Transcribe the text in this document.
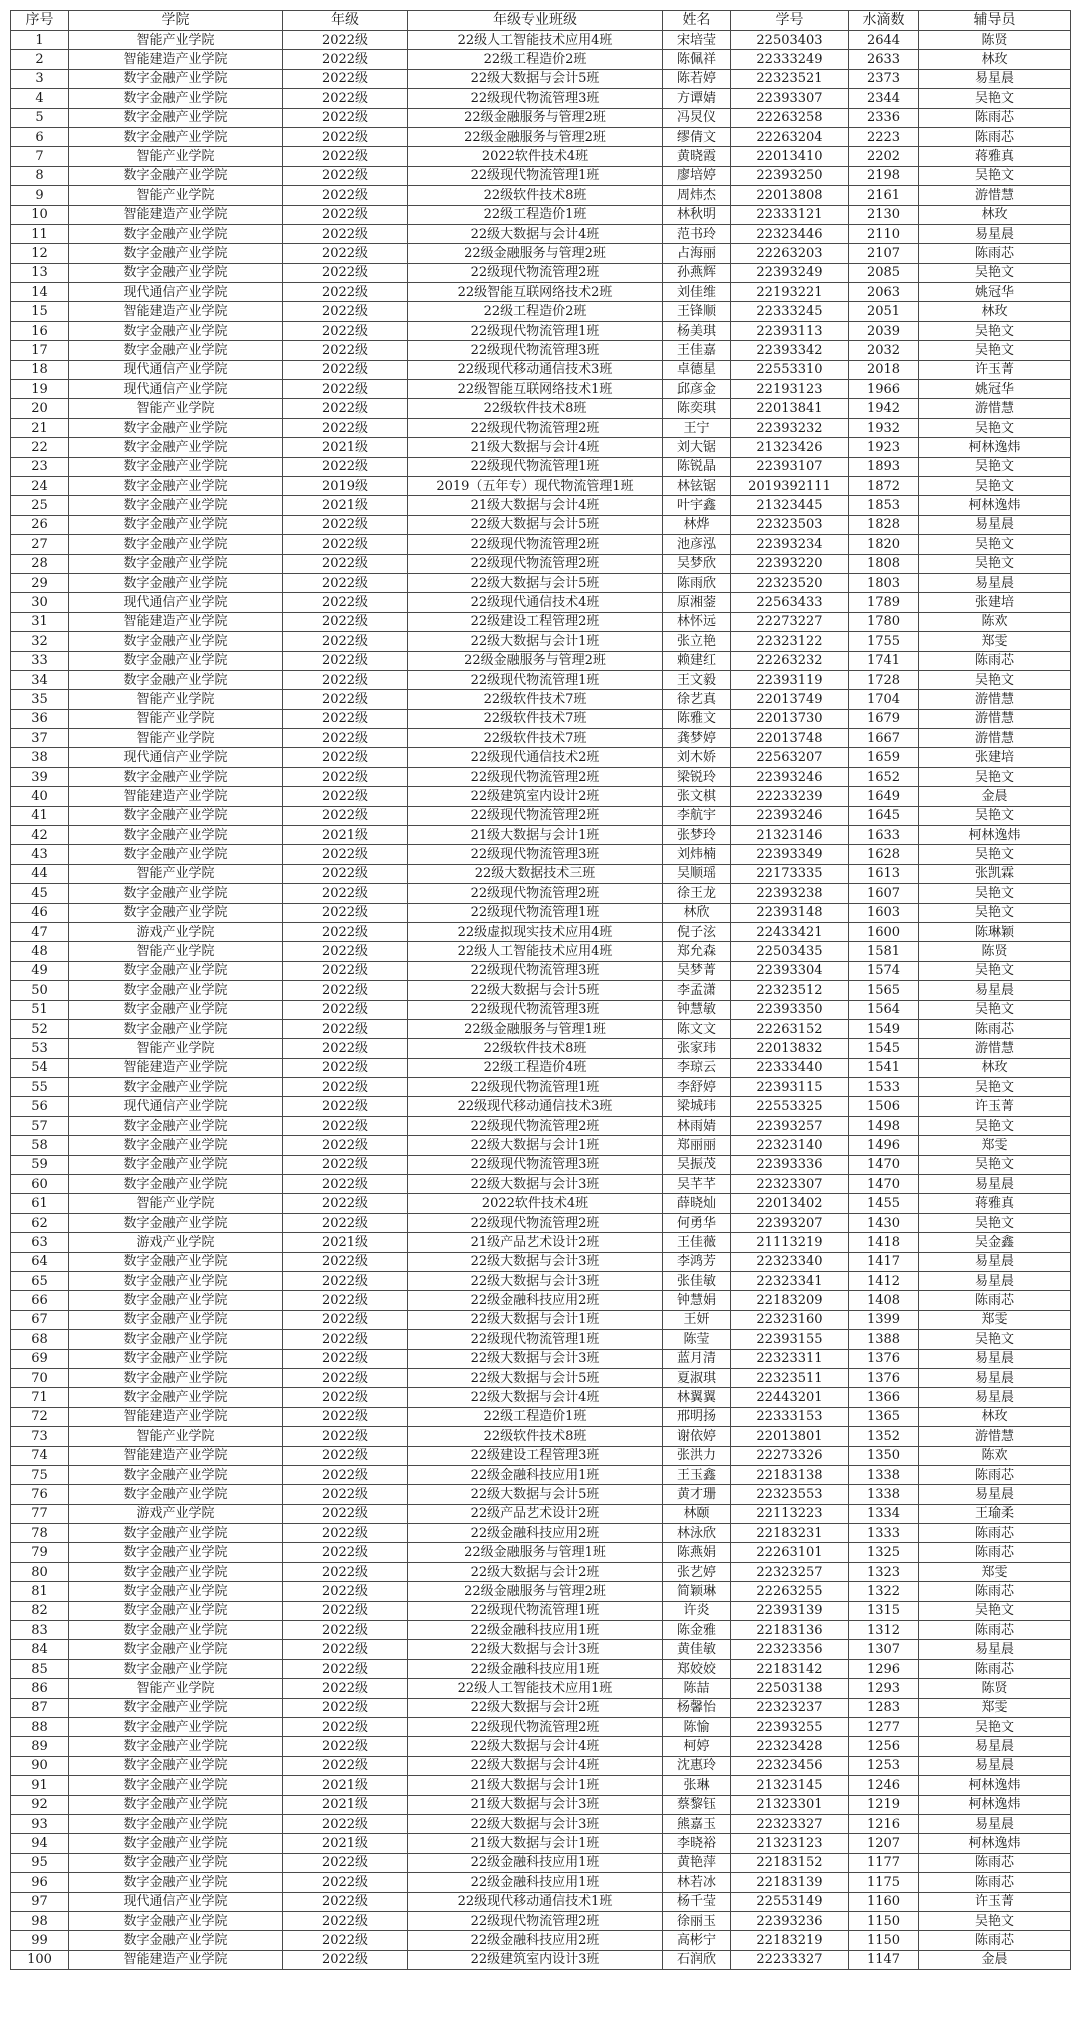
序号	学院	年级	年级专业班级	姓名	学号	水滴数	辅导员
1	智能产业学院	2022级	22级人工智能技术应用4班	宋培莹	22503403	2644	陈贤
2	智能建造产业学院	2022级	22级工程造价2班	陈佩祥	22333249	2633	林玫
3	数字金融产业学院	2022级	22级大数据与会计5班	陈若婷	22323521	2373	易星晨
4	数字金融产业学院	2022级	22级现代物流管理3班	方谭婧	22393307	2344	吴艳文
5	数字金融产业学院	2022级	22级金融服务与管理2班	冯炅仪	22263258	2336	陈雨芯
6	数字金融产业学院	2022级	22级金融服务与管理2班	缪倩文	22263204	2223	陈雨芯
7	智能产业学院	2022级	2022软件技术4班	黄晓霞	22013410	2202	蒋雅真
8	数字金融产业学院	2022级	22级现代物流管理1班	廖培婷	22393250	2198	吴艳文
9	智能产业学院	2022级	22级软件技术8班	周炜杰	22013808	2161	游惜慧
10	智能建造产业学院	2022级	22级工程造价1班	林秋明	22333121	2130	林玫
11	数字金融产业学院	2022级	22级大数据与会计4班	范书玲	22323446	2110	易星晨
12	数字金融产业学院	2022级	22级金融服务与管理2班	占海丽	22263203	2107	陈雨芯
13	数字金融产业学院	2022级	22级现代物流管理2班	孙燕辉	22393249	2085	吴艳文
14	现代通信产业学院	2022级	22级智能互联网络技术2班	刘佳维	22193221	2063	姚冠华
15	智能建造产业学院	2022级	22级工程造价2班	王锋顺	22333245	2051	林玫
16	数字金融产业学院	2022级	22级现代物流管理1班	杨美琪	22393113	2039	吴艳文
17	数字金融产业学院	2022级	22级现代物流管理3班	王佳嘉	22393342	2032	吴艳文
18	现代通信产业学院	2022级	22级现代移动通信技术3班	卓德星	22553310	2018	许玉菁
19	现代通信产业学院	2022级	22级智能互联网络技术1班	邱彦金	22193123	1966	姚冠华
20	智能产业学院	2022级	22级软件技术8班	陈奕琪	22013841	1942	游惜慧
21	数字金融产业学院	2022级	22级现代物流管理2班	王宁	22393232	1932	吴艳文
22	数字金融产业学院	2021级	21级大数据与会计4班	刘大锯	21323426	1923	柯林逸炜
23	数字金融产业学院	2022级	22级现代物流管理1班	陈锐晶	22393107	1893	吴艳文
24	数字金融产业学院	2019级	2019（五年专）现代物流管理1班	林铉锯	2019392111	1872	吴艳文
25	数字金融产业学院	2021级	21级大数据与会计4班	叶宇鑫	21323445	1853	柯林逸炜
26	数字金融产业学院	2022级	22级大数据与会计5班	林烨	22323503	1828	易星晨
27	数字金融产业学院	2022级	22级现代物流管理2班	池彦泓	22393234	1820	吴艳文
28	数字金融产业学院	2022级	22级现代物流管理2班	吴梦欣	22393220	1808	吴艳文
29	数字金融产业学院	2022级	22级大数据与会计5班	陈雨欣	22323520	1803	易星晨
30	现代通信产业学院	2022级	22级现代通信技术4班	原湘蓥	22563433	1789	张建培
31	智能建造产业学院	2022级	22级建设工程管理2班	林怀远	22273227	1780	陈欢
32	数字金融产业学院	2022级	22级大数据与会计1班	张立艳	22323122	1755	郑雯
33	数字金融产业学院	2022级	22级金融服务与管理2班	赖建红	22263232	1741	陈雨芯
34	数字金融产业学院	2022级	22级现代物流管理1班	王文毅	22393119	1728	吴艳文
35	智能产业学院	2022级	22级软件技术7班	徐艺真	22013749	1704	游惜慧
36	智能产业学院	2022级	22级软件技术7班	陈雅文	22013730	1679	游惜慧
37	智能产业学院	2022级	22级软件技术7班	龚梦婷	22013748	1667	游惜慧
38	现代通信产业学院	2022级	22级现代通信技术2班	刘木娇	22563207	1659	张建培
39	数字金融产业学院	2022级	22级现代物流管理2班	梁锐玲	22393246	1652	吴艳文
40	智能建造产业学院	2022级	22级建筑室内设计2班	张文棋	22233239	1649	金晨
41	数字金融产业学院	2022级	22级现代物流管理2班	李航宇	22393246	1645	吴艳文
42	数字金融产业学院	2021级	21级大数据与会计1班	张梦玲	21323146	1633	柯林逸炜
43	数字金融产业学院	2022级	22级现代物流管理3班	刘炜楠	22393349	1628	吴艳文
44	智能产业学院	2022级	22级大数据技术三班	吴顺瑶	22173335	1613	张凯霖
45	数字金融产业学院	2022级	22级现代物流管理2班	徐王龙	22393238	1607	吴艳文
46	数字金融产业学院	2022级	22级现代物流管理1班	林欣	22393148	1603	吴艳文
47	游戏产业学院	2022级	22级虚拟现实技术应用4班	倪子泫	22433421	1600	陈琳颖
48	智能产业学院	2022级	22级人工智能技术应用4班	郑允森	22503435	1581	陈贤
49	数字金融产业学院	2022级	22级现代物流管理3班	吴梦菁	22393304	1574	吴艳文
50	数字金融产业学院	2022级	22级大数据与会计5班	李孟潇	22323512	1565	易星晨
51	数字金融产业学院	2022级	22级现代物流管理3班	钟慧敏	22393350	1564	吴艳文
52	数字金融产业学院	2022级	22级金融服务与管理1班	陈文文	22263152	1549	陈雨芯
53	智能产业学院	2022级	22级软件技术8班	张家玮	22013832	1545	游惜慧
54	智能建造产业学院	2022级	22级工程造价4班	李琼云	22333440	1541	林玫
55	数字金融产业学院	2022级	22级现代物流管理1班	李舒婷	22393115	1533	吴艳文
56	现代通信产业学院	2022级	22级现代移动通信技术3班	梁城玮	22553325	1506	许玉菁
57	数字金融产业学院	2022级	22级现代物流管理2班	林雨婧	22393257	1498	吴艳文
58	数字金融产业学院	2022级	22级大数据与会计1班	郑丽丽	22323140	1496	郑雯
59	数字金融产业学院	2022级	22级现代物流管理3班	吴振茂	22393336	1470	吴艳文
60	数字金融产业学院	2022级	22级大数据与会计3班	吴芊芊	22323307	1470	易星晨
61	智能产业学院	2022级	2022软件技术4班	薛晓灿	22013402	1455	蒋雅真
62	数字金融产业学院	2022级	22级现代物流管理2班	何勇华	22393207	1430	吴艳文
63	游戏产业学院	2021级	21级产品艺术设计2班	王佳薇	21113219	1418	吴金鑫
64	数字金融产业学院	2022级	22级大数据与会计3班	李鸿芳	22323340	1417	易星晨
65	数字金融产业学院	2022级	22级大数据与会计3班	张佳敏	22323341	1412	易星晨
66	数字金融产业学院	2022级	22级金融科技应用2班	钟慧娟	22183209	1408	陈雨芯
67	数字金融产业学院	2022级	22级大数据与会计1班	王妍	22323160	1399	郑雯
68	数字金融产业学院	2022级	22级现代物流管理1班	陈莹	22393155	1388	吴艳文
69	数字金融产业学院	2022级	22级大数据与会计3班	蓝月清	22323311	1376	易星晨
70	数字金融产业学院	2022级	22级大数据与会计5班	夏淑琪	22323511	1376	易星晨
71	数字金融产业学院	2022级	22级大数据与会计4班	林翼翼	22443201	1366	易星晨
72	智能建造产业学院	2022级	22级工程造价1班	邢明扬	22333153	1365	林玫
73	智能产业学院	2022级	22级软件技术8班	谢依婷	22013801	1352	游惜慧
74	智能建造产业学院	2022级	22级建设工程管理3班	张洪力	22273326	1350	陈欢
75	数字金融产业学院	2022级	22级金融科技应用1班	王玉鑫	22183138	1338	陈雨芯
76	数字金融产业学院	2022级	22级大数据与会计5班	黄才珊	22323553	1338	易星晨
77	游戏产业学院	2022级	22级产品艺术设计2班	林颐	22113223	1334	王瑜柔
78	数字金融产业学院	2022级	22级金融科技应用2班	林泳欣	22183231	1333	陈雨芯
79	数字金融产业学院	2022级	22级金融服务与管理1班	陈燕娟	22263101	1325	陈雨芯
80	数字金融产业学院	2022级	22级大数据与会计2班	张艺婷	22323257	1323	郑雯
81	数字金融产业学院	2022级	22级金融服务与管理2班	简颖琳	22263255	1322	陈雨芯
82	数字金融产业学院	2022级	22级现代物流管理1班	许炎	22393139	1315	吴艳文
83	数字金融产业学院	2022级	22级金融科技应用1班	陈金雅	22183136	1312	陈雨芯
84	数字金融产业学院	2022级	22级大数据与会计3班	黄佳敏	22323356	1307	易星晨
85	数字金融产业学院	2022级	22级金融科技应用1班	郑姣姣	22183142	1296	陈雨芯
86	智能产业学院	2022级	22级人工智能技术应用1班	陈喆	22503138	1293	陈贤
87	数字金融产业学院	2022级	22级大数据与会计2班	杨馨怡	22323237	1283	郑雯
88	数字金融产业学院	2022级	22级现代物流管理2班	陈愉	22393255	1277	吴艳文
89	数字金融产业学院	2022级	22级大数据与会计4班	柯婷	22323428	1256	易星晨
90	数字金融产业学院	2022级	22级大数据与会计4班	沈惠玲	22323456	1253	易星晨
91	数字金融产业学院	2021级	21级大数据与会计1班	张琳	21323145	1246	柯林逸炜
92	数字金融产业学院	2021级	21级大数据与会计3班	蔡黎钰	21323301	1219	柯林逸炜
93	数字金融产业学院	2022级	22级大数据与会计3班	熊嘉玉	22323327	1216	易星晨
94	数字金融产业学院	2021级	21级大数据与会计1班	李晓裕	21323123	1207	柯林逸炜
95	数字金融产业学院	2022级	22级金融科技应用1班	黄艳萍	22183152	1177	陈雨芯
96	数字金融产业学院	2022级	22级金融科技应用1班	林若冰	22183139	1175	陈雨芯
97	现代通信产业学院	2022级	22级现代移动通信技术1班	杨千莹	22553149	1160	许玉菁
98	数字金融产业学院	2022级	22级现代物流管理2班	徐丽玉	22393236	1150	吴艳文
99	数字金融产业学院	2022级	22级金融科技应用2班	高彬宁	22183219	1150	陈雨芯
100	智能建造产业学院	2022级	22级建筑室内设计3班	石润欣	22233327	1147	金晨
